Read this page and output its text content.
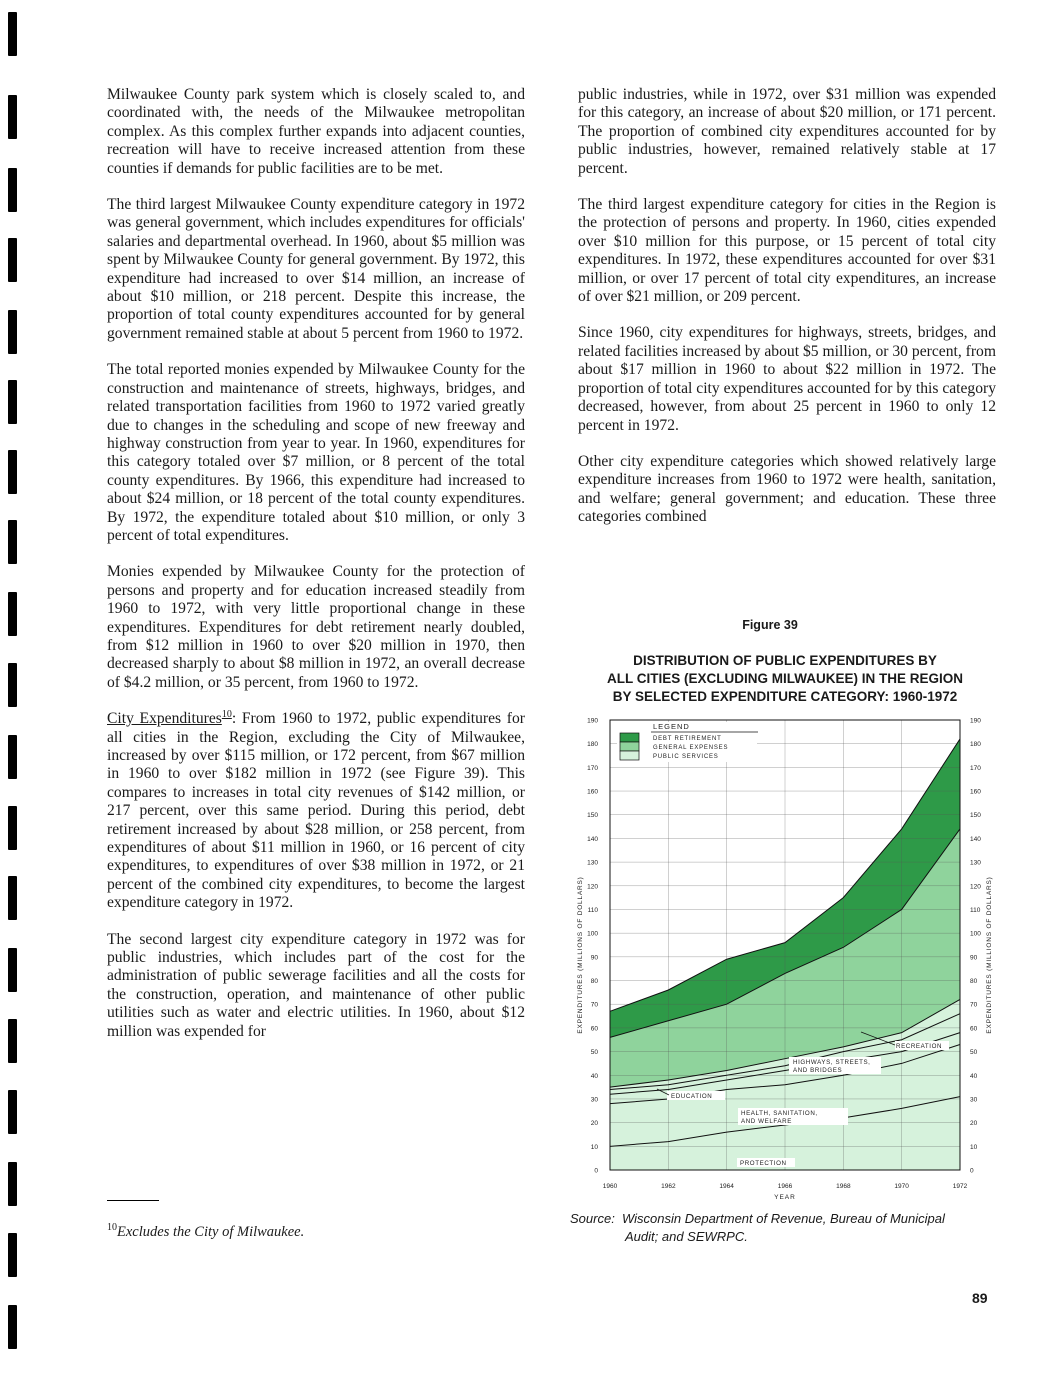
Milwaukee County park system which is closely scaled to, and coordinated with, the needs of the Milwaukee metropolitan complex. As this complex further expands into adjacent counties, recreation will have to receive increased attention from these counties if demands for public facilities are to be met.

The third largest Milwaukee County expenditure category in 1972 was general government, which includes expenditures for officials' salaries and departmental overhead. In 1960, about $5 million was spent by Milwaukee County for general government. By 1972, this expenditure had increased to over $14 million, an increase of about $10 million, or 218 percent. Despite this increase, the proportion of total county expenditures accounted for by general government remained stable at about 5 percent from 1960 to 1972.

The total reported monies expended by Milwaukee County for the construction and maintenance of streets, highways, bridges, and related transportation facilities from 1960 to 1972 varied greatly due to changes in the scheduling and scope of new freeway and highway construction from year to year. In 1960, expenditures for this category totaled over $7 million, or 8 percent of the total county expenditures. By 1966, this expenditure had increased to about $24 million, or 18 percent of the total county expenditures. By 1972, the expenditure totaled about $10 million, or only 3 percent of total expenditures.

Monies expended by Milwaukee County for the protection of persons and property and for education increased steadily from 1960 to 1972, with very little proportional change in these expenditures. Expenditures for debt retirement nearly doubled, from $12 million in 1960 to over $20 million in 1970, then decreased sharply to about $8 million in 1972, an overall decrease of $4.2 million, or 35 percent, from 1960 to 1972.

City Expenditures$^{10}$: From 1960 to 1972, public expenditures for all cities in the Region, excluding the City of Milwaukee, increased by over $115 million, or 172 percent, from $67 million in 1960 to over $182 million in 1972 (see Figure 39). This compares to increases in total city revenues of $142 million, or 217 percent, over this same period. During this period, debt retirement increased by about $28 million, or 258 percent, from expenditures of about $11 million in 1960, or 16 percent of city expenditures, to expenditures of over $38 million in 1972, or 21 percent of the combined city expenditures, to become the largest expenditure category in 1972.

The second largest city expenditure category in 1972 was for public industries, which includes part of the cost for the administration of public sewerage facilities and all the costs for the construction, operation, and maintenance of other public utilities such as water and electric utilities. In 1960, about $12 million was expended for

$^{10}$Excludes the City of Milwaukee.

public industries, while in 1972, over $31 million was expended for this category, an increase of about $20 million, or 171 percent. The proportion of combined city expenditures accounted for by public industries, however, remained relatively stable at 17 percent.

The third largest expenditure category for cities in the Region is the protection of persons and property. In 1960, cities expended over $10 million for this purpose, or 15 percent of total city expenditures. In 1972, these expenditures accounted for over $31 million, or over 17 percent of total city expenditures, an increase of over $21 million, or 209 percent.

Since 1960, city expenditures for highways, streets, bridges, and related facilities increased by about $5 million, or 30 percent, from about $17 million in 1960 to about $22 million in 1972. The proportion of total city expenditures accounted for by this category decreased, however, from about 25 percent in 1960 to only 12 percent in 1972.

Other city expenditure categories which showed relatively large expenditure increases from 1960 to 1972 were health, sanitation, and welfare; general government; and education. These three categories combined

Figure 39
DISTRIBUTION OF PUBLIC EXPENDITURES BY
ALL CITIES (EXCLUDING MILWAUKEE) IN THE REGION
BY SELECTED EXPENDITURE CATEGORY: 1960-1972
0	0
10	10
20	20
30	30
40	40
50	50
60	60
70	70
80	80
90	90
100	100
110	110
120	120
130	130
140	140
150	150
160	160
170	170
180	180
190	190
1960	1962	1964	1966	1968	1970	1972
YEAR
EXPENDITURES (MILLIONS OF DOLLARS)	EXPENDITURES (MILLIONS OF DOLLARS)
LEGEND
DEBT RETIREMENT
GENERAL EXPENSES
PUBLIC SERVICES
RECREATION
HIGHWAYS, STREETS,
AND BRIDGES
EDUCATION
HEALTH, SANITATION,
AND WELFARE
PROTECTION
Source: Wisconsin Department of Revenue, Bureau of Municipal
Audit; and SEWRPC.
89
